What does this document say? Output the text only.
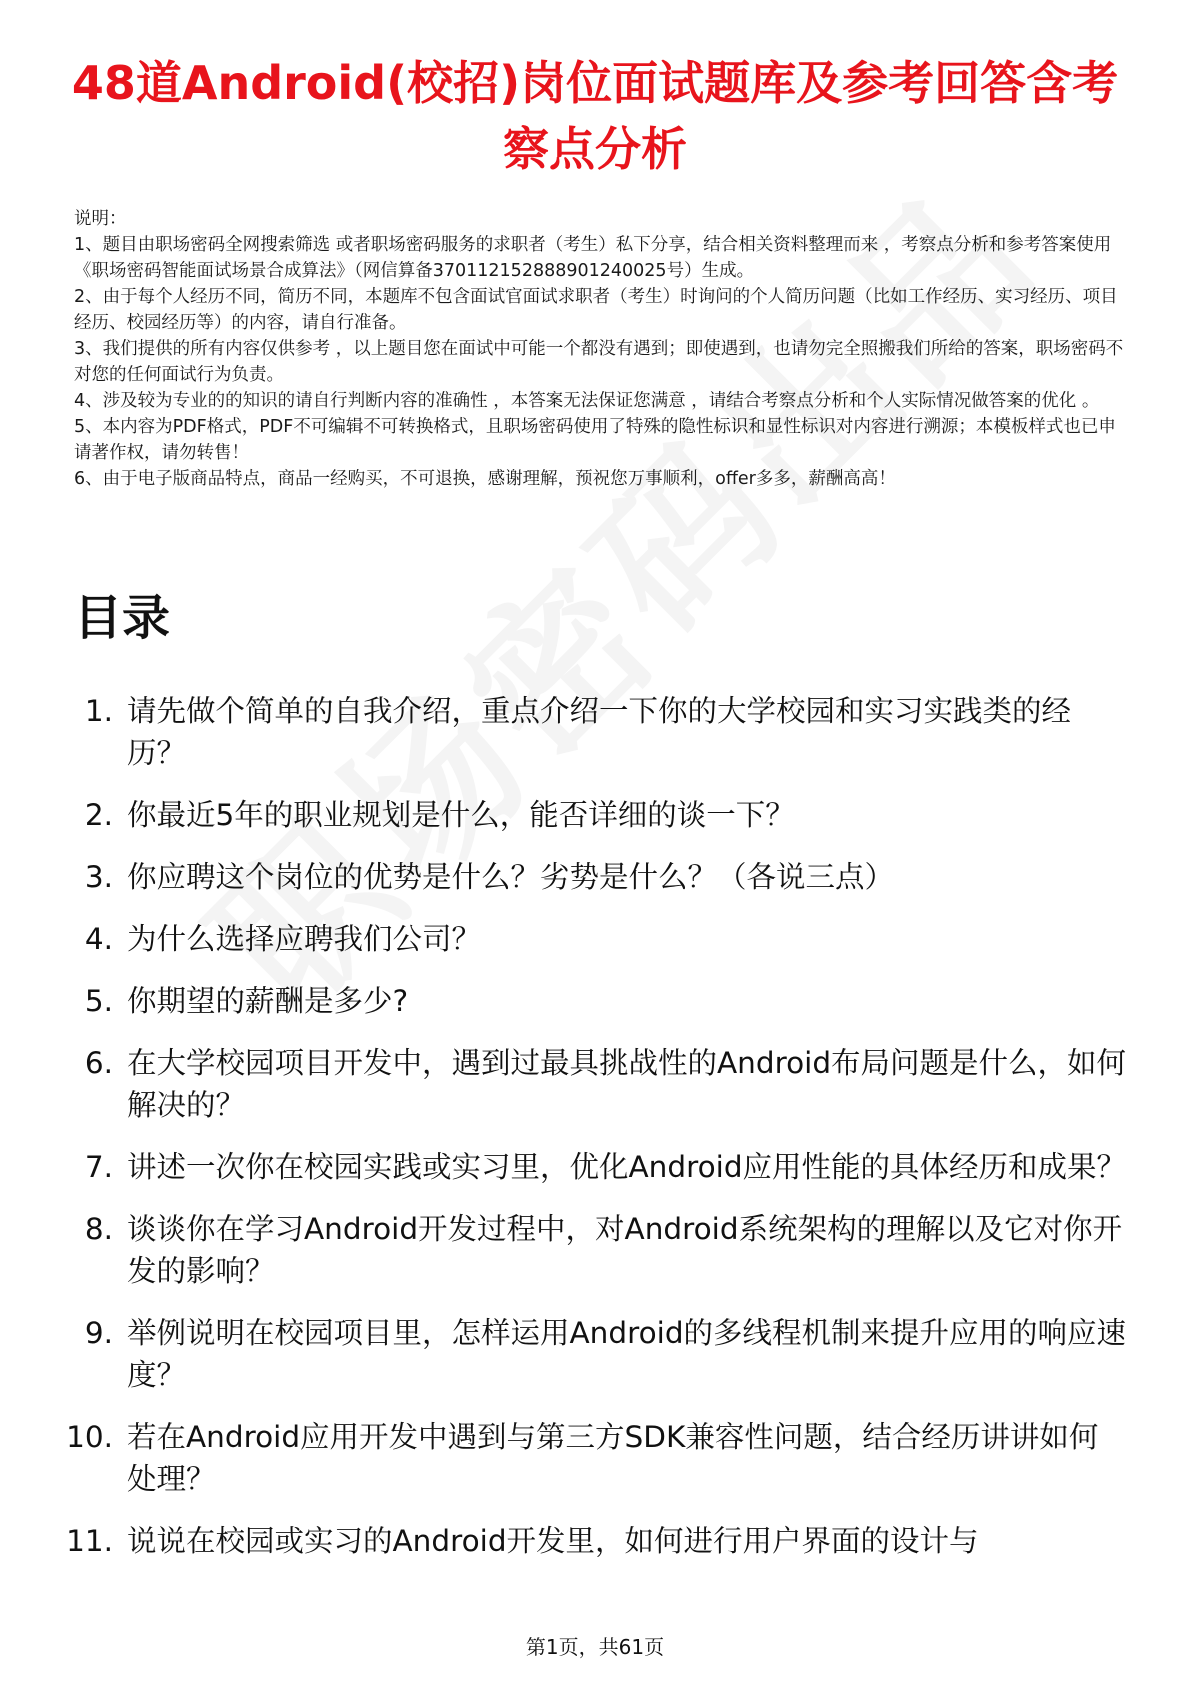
48道Android(校招)岗位面试题库及参考回答含考察点分析

说明：

1、题目由职场密码全网搜索筛选 或者职场密码服务的求职者（考生）私下分享，结合相关资料整理而来 ，考察点分析和参考答案使用《职场密码智能面试场景合成算法》（网信算备370112152888901240025号）生成。

2、由于每个人经历不同，简历不同，本题库不包含面试官面试求职者（考生）时询问的个人简历问题（比如工作经历、实习经历、项目经历、校园经历等）的内容，请自行准备。

3、我们提供的所有内容仅供参考 ，以上题目您在面试中可能一个都没有遇到；即使遇到，也请勿完全照搬我们所给的答案，职场密码不对您的任何面试行为负责。

4、涉及较为专业的的知识的请自行判断内容的准确性 ，本答案无法保证您满意 ，请结合考察点分析和个人实际情况做答案的优化 。

5、本内容为PDF格式，PDF不可编辑不可转换格式，且职场密码使用了特殊的隐性标识和显性标识对内容进行溯源；本模板样式也已申请著作权，请勿转售！

6、由于电子版商品特点，商品一经购买，不可退换，感谢理解，预祝您万事顺利，offer多多，薪酬高高！

目录
1. 请先做个简单的自我介绍，重点介绍一下你的大学校园和实习实践类的经历？
2. 你最近5年的职业规划是什么，能否详细的谈一下？
3. 你应聘这个岗位的优势是什么？劣势是什么？（各说三点）
4. 为什么选择应聘我们公司？
5. 你期望的薪酬是多少?
6. 在大学校园项目开发中，遇到过最具挑战性的Android布局问题是什么，如何解决的？
7. 讲述一次你在校园实践或实习里，优化Android应用性能的具体经历和成果？
8. 谈谈你在学习Android开发过程中，对Android系统架构的理解以及它对你开发的影响？
9. 举例说明在校园项目里，怎样运用Android的多线程机制来提升应用的响应速度？
10. 若在Android应用开发中遇到与第三方SDK兼容性问题，结合经历讲讲如何处理？
11. 说说在校园或实习的Android开发里，如何进行用户界面的设计与
第1页，共61页
